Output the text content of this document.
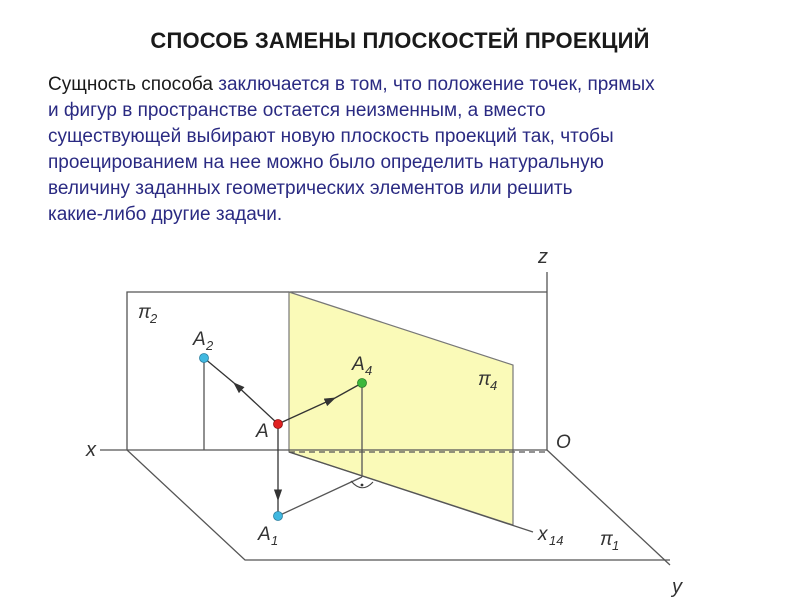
СПОСОБ ЗАМЕНЫ ПЛОСКОСТЕЙ ПРОЕКЦИЙ
Сущность способа заключается в том, что положение точек, прямых
и фигур в пространстве остается неизменным, а вместо
существующей выбирают новую плоскость проекций так, чтобы
проецированием на нее можно было определить натуральную
величину заданных геометрических элементов или решить
какие-либо другие задачи.
z
x	O
y
π 2
π 4
π 1
x 14
A 2
A 4
A
A 1
